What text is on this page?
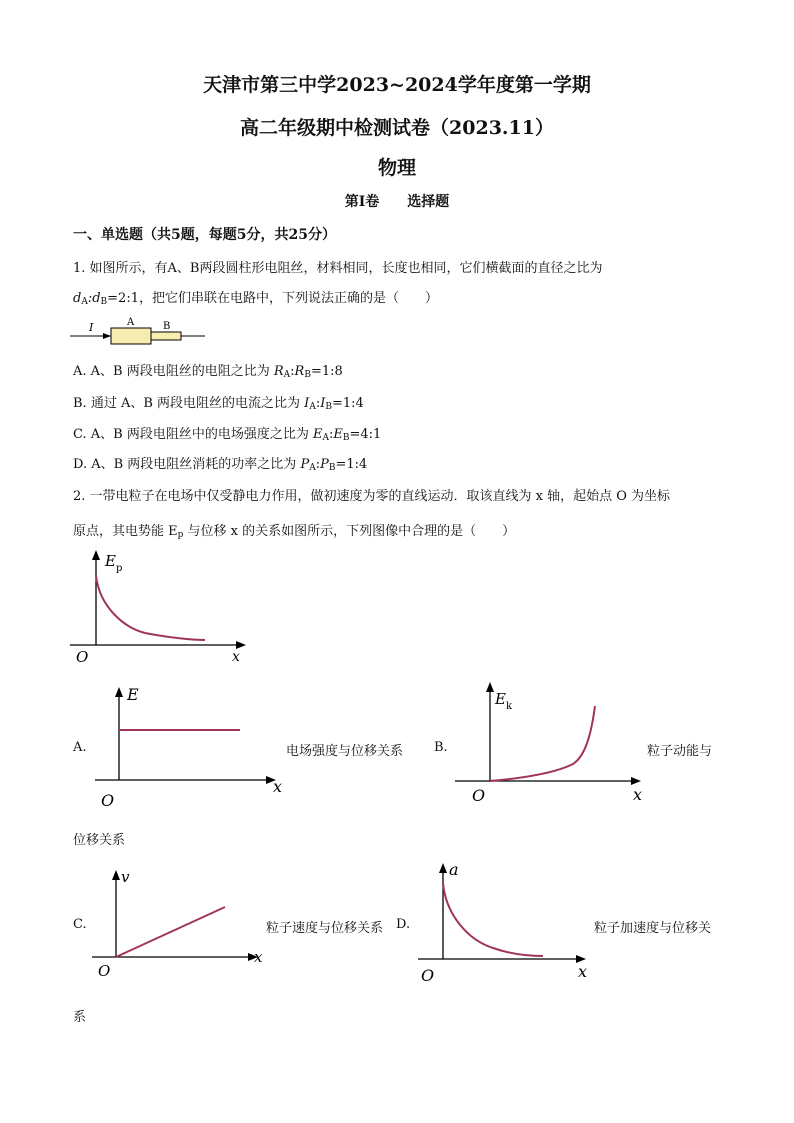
天津市第三中学2023~2024学年度第一学期
高二年级期中检测试卷（2023.11）
物理
第I卷　　选择题
一、单选题（共5题，每题5分，共25分）
1. 如图所示，有A、B两段圆柱形电阻丝，材料相同，长度也相同，它们横截面的直径之比为
$d_A:d_B=2:1$，把它们串联在电路中，下列说法正确的是（　　）
I	A	B
A. A、B 两段电阻丝的电阻之比为 $R_A:R_B=1:8$
B. 通过 A、B 两段电阻丝的电流之比为 $I_A:I_B=1:4$
C. A、B 两段电阻丝中的电场强度之比为 $E_A:E_B=4:1$
D. A、B 两段电阻丝消耗的功率之比为 $P_A:P_B=1:4$
2. 一带电粒子在电场中仅受静电力作用，做初速度为零的直线运动．取该直线为 x 轴，起始点 O 为坐标
原点，其电势能 $E_p$ 与位移 x 的关系如图所示，下列图像中合理的是（　　）
E p
O	x
A.
E
O
x
电场强度与位移关系 B.
E k
O	x
粒子动能与
位移关系
C.
v
O
x
粒子速度与位移关系 D.
a
O	x
粒子加速度与位移关
系
